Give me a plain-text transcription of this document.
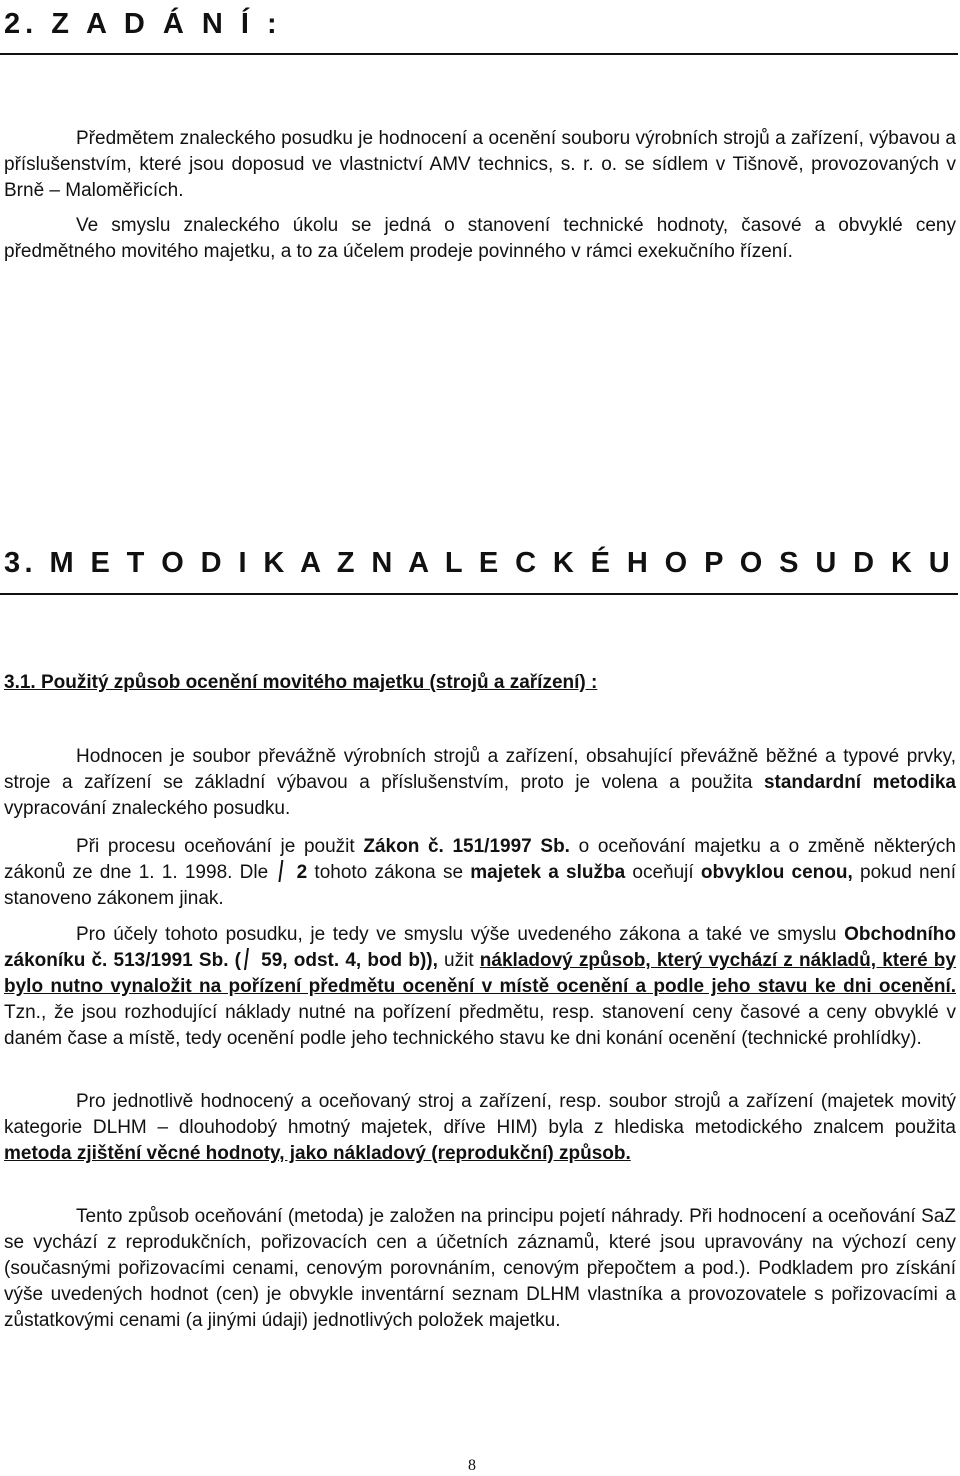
2. Z A D Á N Í :

Předmětem znaleckého posudku je hodnocení a ocenění souboru výrobních strojů a zařízení, výbavou a příslušenstvím, které jsou doposud ve vlastnictví AMV technics, s. r. o. se sídlem v Tišnově, provozovaných v Brně – Maloměřicích.

Ve smyslu znaleckého úkolu se jedná o stanovení technické hodnoty, časové a obvyklé ceny předmětného movitého majetku, a to za účelem prodeje povinného v rámci exekučního řízení.

3. M E T O D I K A Z N A L E C K É H O P O S U D K U
3.1. Použitý způsob ocenění movitého majetku (strojů a zařízení) :

Hodnocen je soubor převážně výrobních strojů a zařízení, obsahující převážně běžné a typové prvky, stroje a zařízení se základní výbavou a příslušenstvím, proto je volena a použita standardní metodika vypracování znaleckého posudku.

Při procesu oceňování je použit Zákon č. 151/1997 Sb. o oceňování majetku a o změně některých zákonů ze dne 1. 1. 1998. Dle  2 tohoto zákona se majetek a služba oceňují obvyklou cenou, pokud není stanoveno zákonem jinak.

Pro účely tohoto posudku, je tedy ve smyslu výše uvedeného zákona a také ve smyslu Obchodního zákoníku č. 513/1991 Sb. ( 59, odst. 4, bod b)), užit nákladový způsob, který vychází z nákladů, které by bylo nutno vynaložit na pořízení předmětu ocenění v místě ocenění a podle jeho stavu ke dni ocenění. Tzn., že jsou rozhodující náklady nutné na pořízení předmětu, resp. stanovení ceny časové a ceny obvyklé v daném čase a místě, tedy ocenění podle jeho technického stavu ke dni konání ocenění (technické prohlídky).

Pro jednotlivě hodnocený a oceňovaný stroj a zařízení, resp. soubor strojů a zařízení (majetek movitý kategorie DLHM – dlouhodobý hmotný majetek, dříve HIM) byla z hlediska metodického znalcem použita metoda zjištění věcné hodnoty, jako nákladový (reprodukční) způsob.

Tento způsob oceňování (metoda) je založen na principu pojetí náhrady. Při hodnocení a oceňování SaZ se vychází z reprodukčních, pořizovacích cen a účetních záznamů, které jsou upravovány na výchozí ceny (současnými pořizovacími cenami, cenovým porovnáním, cenovým přepočtem a pod.). Podkladem pro získání výše uvedených hodnot (cen) je obvykle inventární seznam DLHM vlastníka a provozovatele s pořizovacími a zůstatkovými cenami (a jinými údaji) jednotlivých položek majetku.

8
